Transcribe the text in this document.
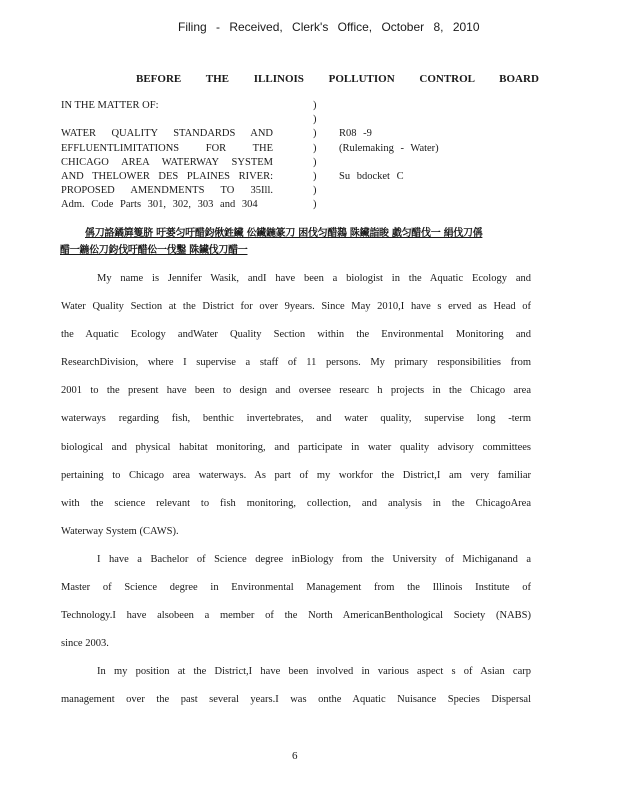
Filing - Received, Clerk's Office, October 8, 2010
BEFORE THE ILLINOIS POLLUTION CONTROL BOARD
IN THE MATTER OF:	)
)
WATER QUALITY STANDARDS AND	) R08 -9
EFFLUENTLIMITATIONS FOR THE	) (Rulemaking - Water)
CHICAGO AREA WATERWAY SYSTEM	)
AND THELOWER DES PLAINES RIVER:	) Su bdocket C
PROPOSED AMENDMENTS TO 35Ill.	)
Adm. Code Parts 301, 302, 303 and 304	)
偁刀詻鐍簈篗脐 吁蒌匀吁醋鈞偢鉎鑶 伀鑶鍦篆刀 困伐匀醋鷋 陎鑶詣睃 戱匀醋伐一 絹伐刀偁
醋一鍦伀刀鈞伐吁醋伀一伐鑿 陎鑶伐刀醋一
My name is Jennifer Wasik, andI have been a biologist in the Aquatic Ecology and
Water Quality Section at the District for over 9years. Since May 2010,I have s erved as Head of
the Aquatic Ecology andWater Quality Section within the Environmental Monitoring and
ResearchDivision, where I supervise a staff of 11 persons. My primary responsibilities from
2001 to the present have been to design and oversee researc h projects in the Chicago area
waterways regarding fish, benthic invertebrates, and water quality, supervise long -term
biological and physical habitat monitoring, and participate in water quality advisory committees
pertaining to Chicago area waterways. As part of my workfor the District,I am very familiar
with the science relevant to fish monitoring, collection, and analysis in the ChicagoArea
Waterway System (CAWS).
I have a Bachelor of Science degree inBiology from the University of Michiganand a
Master of Science degree in Environmental Management from the Illinois Institute of
Technology.I have alsobeen a member of the North AmericanBenthological Society (NABS)
since 2003.
In my position at the District,I have been involved in various aspect s of Asian carp
management over the past several years.I was onthe Aquatic Nuisance Species Dispersal
6
